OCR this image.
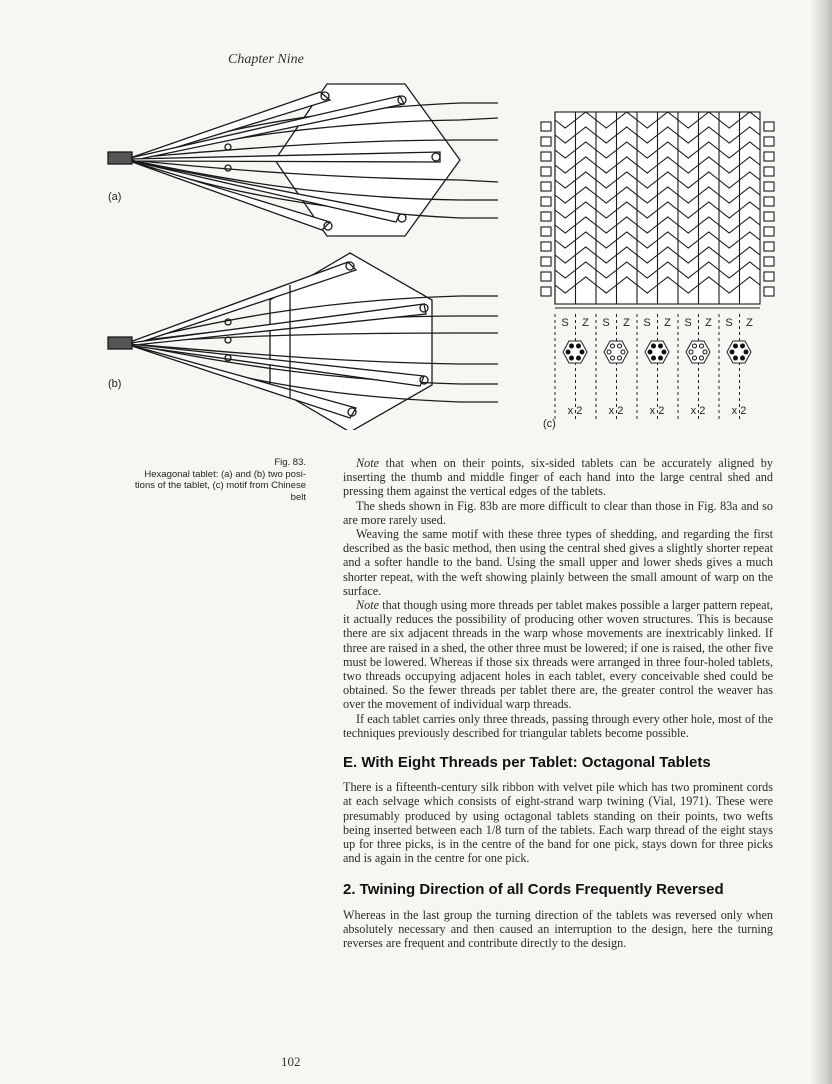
Chapter Nine
S Z S Z S Z S Z S Z
x 2 x 2 x 2 x 2 x 2
(a)
(b)
(c)
Fig. 83.
Hexagonal tablet: (a) and (b) two posi-
tions of the tablet, (c) motif from Chinese
belt

Note that when on their points, six-sided tablets can be accurately aligned by inserting the thumb and middle finger of each hand into the large central shed and pressing them against the vertical edges of the tablets.

The sheds shown in Fig. 83b are more difficult to clear than those in Fig. 83a and so are more rarely used.

Weaving the same motif with these three types of shedding, and regarding the first described as the basic method, then using the central shed gives a slightly shorter repeat and a softer handle to the band. Using the small upper and lower sheds gives a much shorter repeat, with the weft showing plainly between the small amount of warp on the surface.

Note that though using more threads per tablet makes possible a larger pattern repeat, it actually reduces the possibility of producing other woven structures. This is because there are six adjacent threads in the warp whose movements are inextricably linked. If three are raised in a shed, the other three must be lowered; if one is raised, the other five must be lowered. Whereas if those six threads were arranged in three four-holed tablets, two threads occupying adjacent holes in each tablet, every conceivable shed could be obtained. So the fewer threads per tablet there are, the greater control the weaver has over the movement of individual warp threads.

If each tablet carries only three threads, passing through every other hole, most of the techniques previously described for triangular tablets become possible.

E. With Eight Threads per Tablet: Octagonal Tablets

There is a fifteenth-century silk ribbon with velvet pile which has two prominent cords at each selvage which consists of eight-strand warp twining (Vial, 1971). These were presumably produced by using octagonal tablets standing on their points, two wefts being inserted between each 1/8 turn of the tablets. Each warp thread of the eight stays up for three picks, is in the centre of the band for one pick, stays down for three picks and is again in the centre for one pick.

2. Twining Direction of all Cords Frequently Reversed

Whereas in the last group the turning direction of the tablets was reversed only when absolutely necessary and then caused an interruption to the design, here the turning reverses are frequent and contribute directly to the design.

102
